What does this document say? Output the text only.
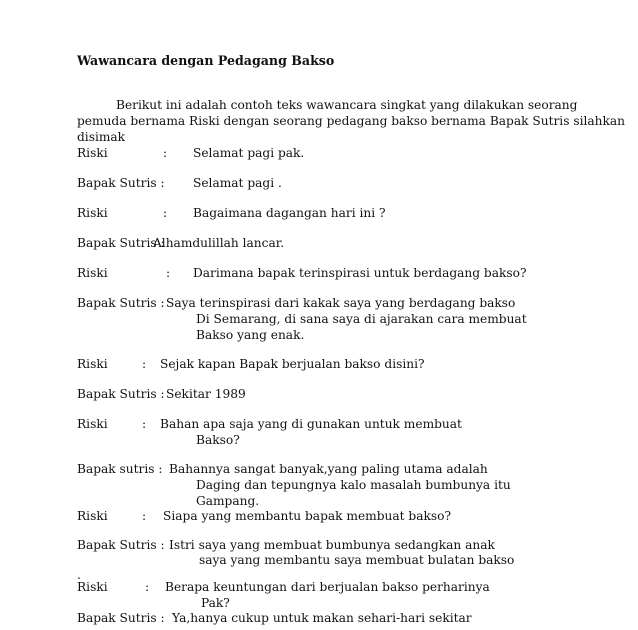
Wawancara dengan Pedagang Bakso
Berikut ini adalah contoh teks wawancara singkat yang dilakukan seorang
pemuda bernama Riski dengan seorang pedagang bakso bernama Bapak Sutris silahkan
disimak
Riski	: Selamat pagi pak.
Bapak Sutris : Selamat pagi .
Riski	: Bagaimana dagangan hari ini ?
Bapak Sutris :
Alhamdulillah lancar.
Riski	: Darimana bapak terinspirasi untuk berdagang bakso?
Bapak Sutris : Saya terinspirasi dari kakak saya yang berdagang bakso
Di Semarang, di sana saya di ajarakan cara membuat
Bakso yang enak.
Riski	: Sejak kapan Bapak berjualan bakso disini?
Bapak Sutris : Sekitar 1989
Riski	: Bahan apa saja yang di gunakan untuk membuat
Bakso?
Bapak sutris : Bahannya sangat banyak,yang paling utama adalah
Daging dan tepungnya kalo masalah bumbunya itu
Gampang.
Riski	: Siapa yang membantu bapak membuat bakso?
Bapak Sutris : Istri saya yang membuat bumbunya sedangkan anak
saya yang membantu saya membuat bulatan bakso
.
Riski	: Berapa keuntungan dari berjualan bakso perharinya
Pak?
Bapak Sutris : Ya,hanya cukup untuk makan sehari-hari sekitar
